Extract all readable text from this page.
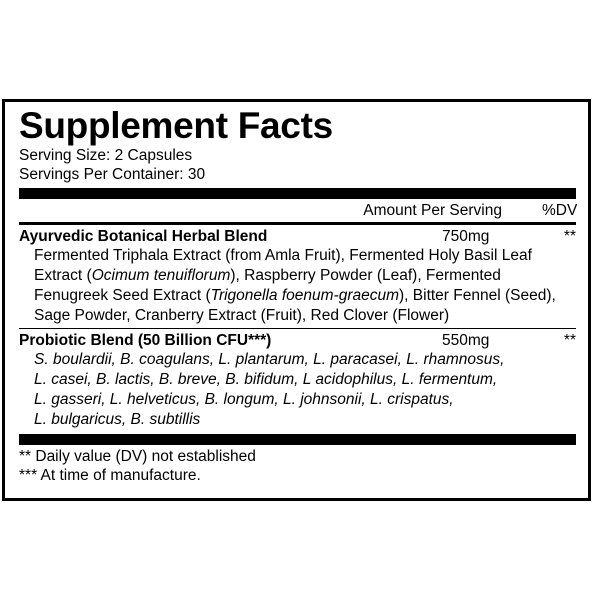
Supplement Facts
Serving Size: 2 Capsules
Servings Per Container: 30
Amount Per Serving	%DV
Ayurvedic Botanical Herbal Blend	750mg	**
Fermented Triphala Extract (from Amla Fruit), Fermented Holy Basil Leaf
Extract (Ocimum tenuiflorum), Raspberry Powder (Leaf), Fermented
Fenugreek Seed Extract (Trigonella foenum-graecum), Bitter Fennel (Seed),
Sage Powder, Cranberry Extract (Fruit), Red Clover (Flower)
Probiotic Blend (50 Billion CFU***)	550mg	**
S. boulardii, B. coagulans, L. plantarum, L. paracasei, L. rhamnosus,
L. casei, B. lactis, B. breve, B. bifidum, L acidophilus, L. fermentum,
L. gasseri, L. helveticus, B. longum, L. johnsonii, L. crispatus,
L. bulgaricus, B. subtillis
** Daily value (DV) not established
*** At time of manufacture.
